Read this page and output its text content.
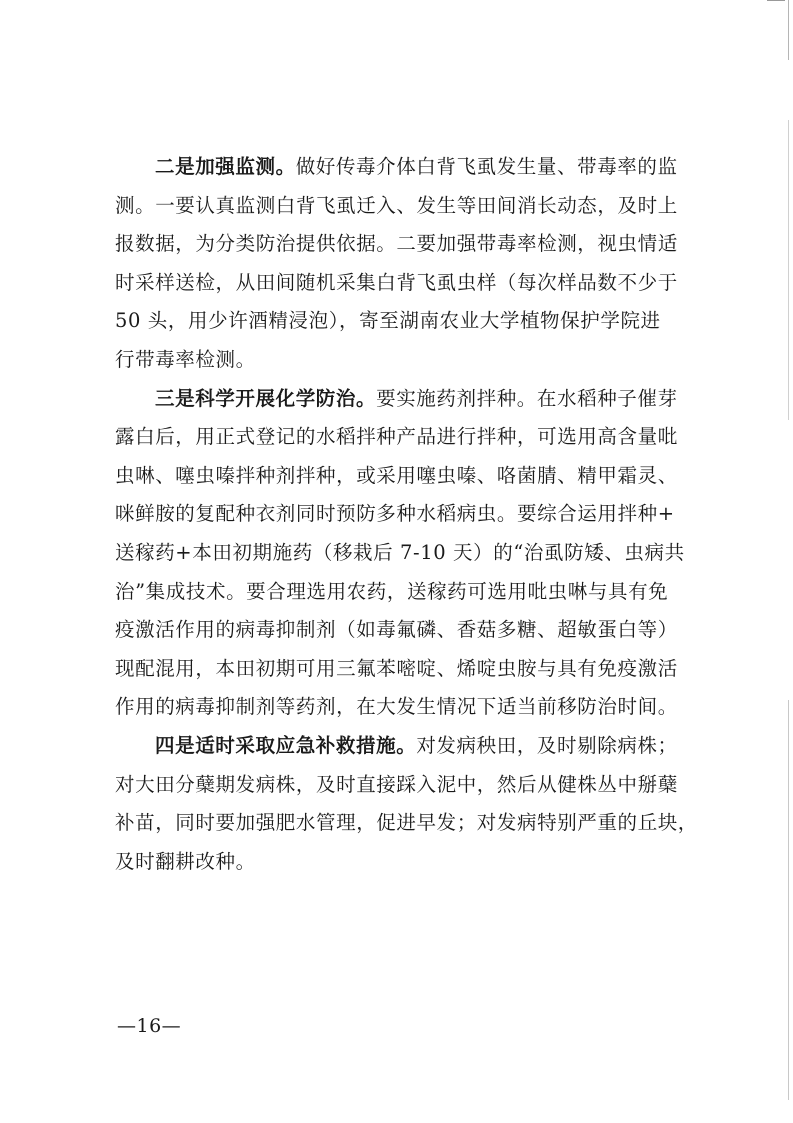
二是加强监测。做好传毒介体白背飞虱发生量、带毒率的监
测。一要认真监测白背飞虱迁入、发生等田间消长动态，及时上
报数据，为分类防治提供依据。二要加强带毒率检测，视虫情适
时采样送检，从田间随机采集白背飞虱虫样（每次样品数不少于
50 头，用少许酒精浸泡），寄至湖南农业大学植物保护学院进
行带毒率检测。
三是科学开展化学防治。要实施药剂拌种。在水稻种子催芽
露白后，用正式登记的水稻拌种产品进行拌种，可选用高含量吡
虫啉、噻虫嗪拌种剂拌种，或采用噻虫嗪、咯菌腈、精甲霜灵、
咪鲜胺的复配种衣剂同时预防多种水稻病虫。要综合运用拌种+
送稼药+本田初期施药（移栽后 7-10 天）的“治虱防矮、虫病共
治”集成技术。要合理选用农药，送稼药可选用吡虫啉与具有免
疫激活作用的病毒抑制剂（如毒氟磷、香菇多糖、超敏蛋白等）
现配混用，本田初期可用三氟苯嘧啶、烯啶虫胺与具有免疫激活
作用的病毒抑制剂等药剂，在大发生情况下适当前移防治时间。
四是适时采取应急补救措施。对发病秧田，及时剔除病株；
对大田分蘖期发病株，及时直接踩入泥中，然后从健株丛中掰蘖
补苗，同时要加强肥水管理，促进早发；对发病特别严重的丘块，
及时翻耕改种。
—16—
